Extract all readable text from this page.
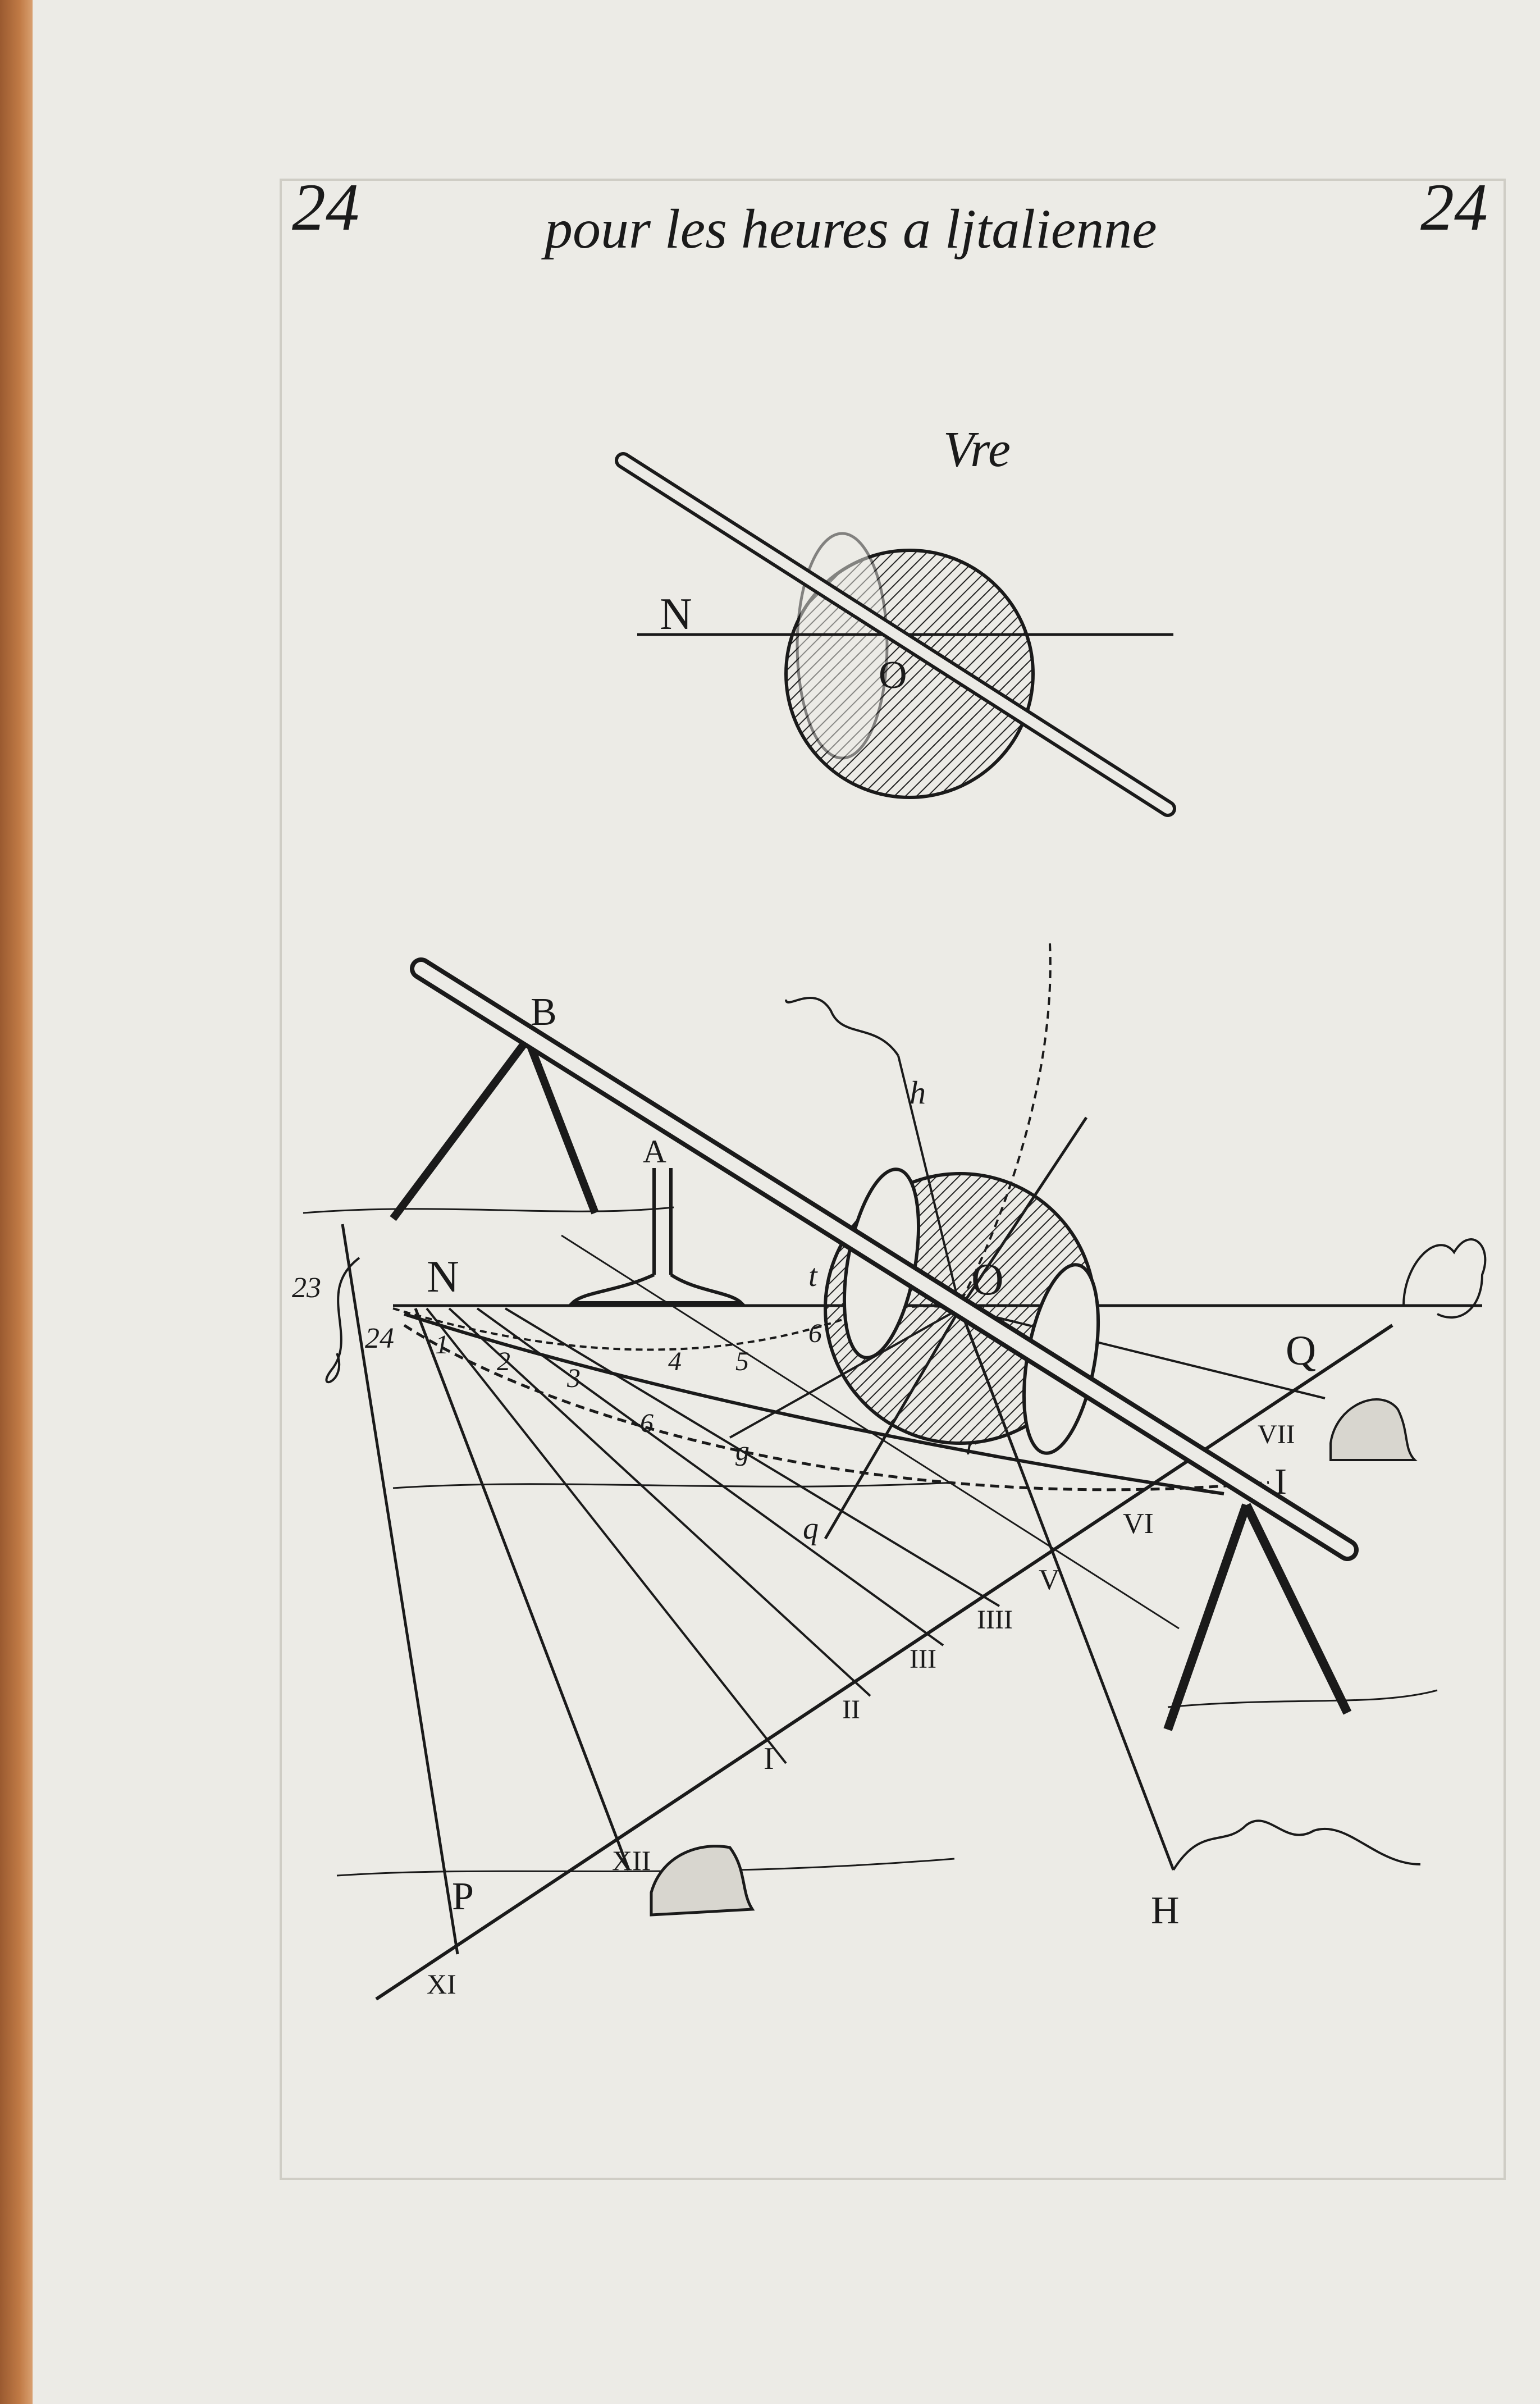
24	pour les heures a ljtalienne	24
Vre
N
O
B
A
h
N	O
t
Q
VII
I
VI
V
IIII
III
II
I
XII
P
XI
H
r
g
q
23
24 1
2
3
4 5
6
6
